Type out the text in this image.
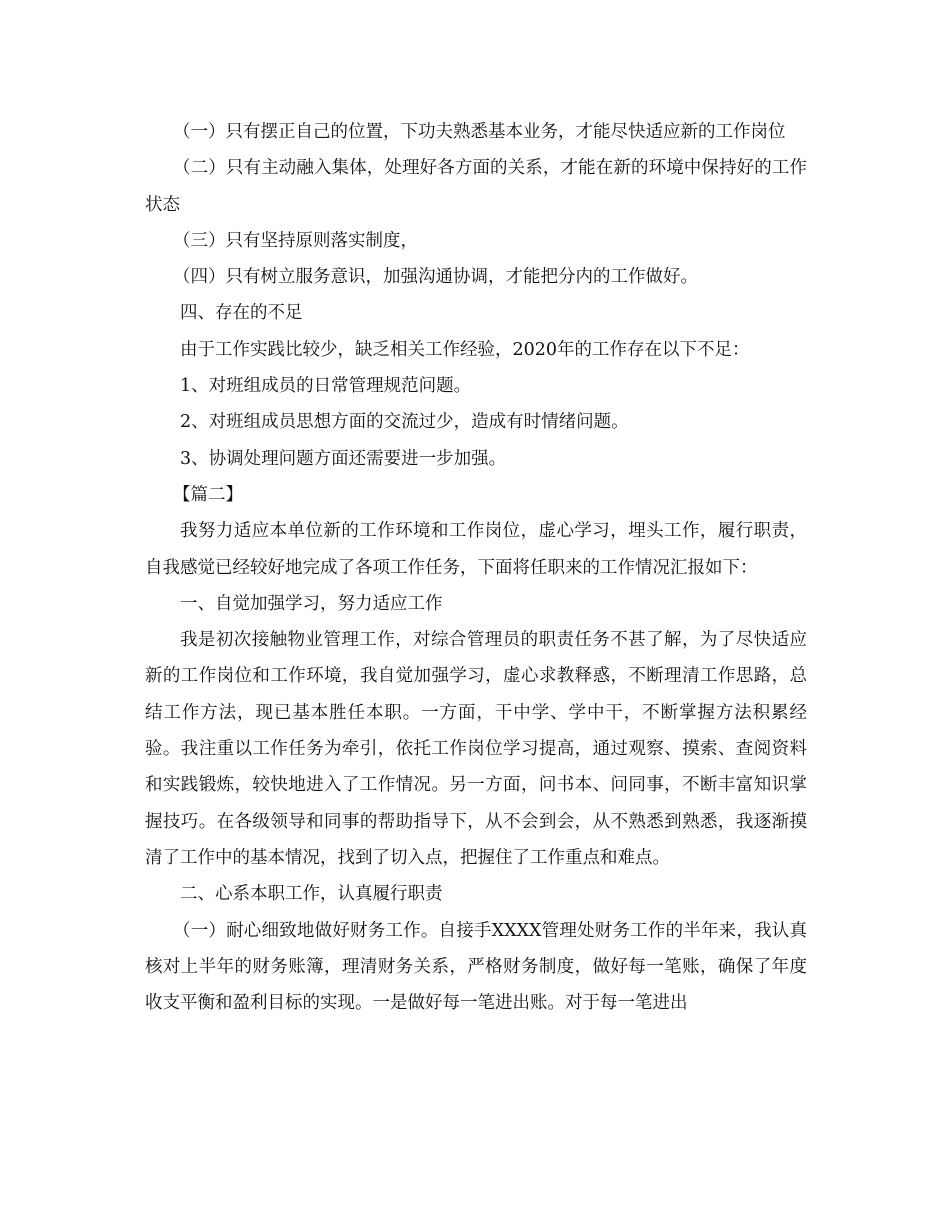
（一）只有摆正自己的位置，下功夫熟悉基本业务，才能尽快适应新的工作岗位

（二）只有主动融入集体，处理好各方面的关系，才能在新的环境中保持好的工作状态

（三）只有坚持原则落实制度，

（四）只有树立服务意识，加强沟通协调，才能把分内的工作做好。

四、存在的不足

由于工作实践比较少，缺乏相关工作经验，2020年的工作存在以下不足：

1、对班组成员的日常管理规范问题。

2、对班组成员思想方面的交流过少，造成有时情绪问题。

3、协调处理问题方面还需要进一步加强。

【篇二】

我努力适应本单位新的工作环境和工作岗位，虚心学习，埋头工作，履行职责，自我感觉已经较好地完成了各项工作任务，下面将任职来的工作情况汇报如下：

一、自觉加强学习，努力适应工作

我是初次接触物业管理工作，对综合管理员的职责任务不甚了解，为了尽快适应新的工作岗位和工作环境，我自觉加强学习，虚心求教释惑，不断理清工作思路，总结工作方法，现已基本胜任本职。一方面，干中学、学中干，不断掌握方法积累经验。我注重以工作任务为牵引，依托工作岗位学习提高，通过观察、摸索、查阅资料和实践锻炼，较快地进入了工作情况。另一方面，问书本、问同事，不断丰富知识掌握技巧。在各级领导和同事的帮助指导下，从不会到会，从不熟悉到熟悉，我逐渐摸清了工作中的基本情况，找到了切入点，把握住了工作重点和难点。

二、心系本职工作，认真履行职责

（一）耐心细致地做好财务工作。自接手XXXX管理处财务工作的半年来，我认真核对上半年的财务账簿，理清财务关系，严格财务制度，做好每一笔账，确保了年度收支平衡和盈利目标的实现。一是做好每一笔进出账。对于每一笔进出
